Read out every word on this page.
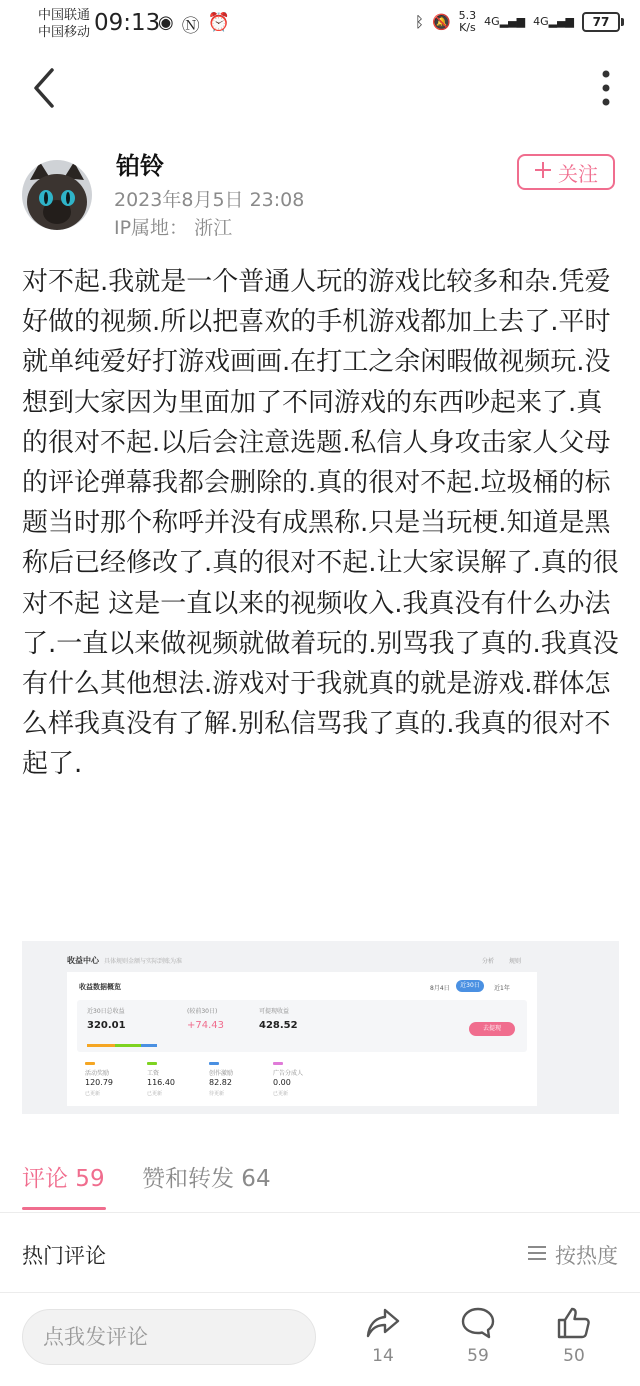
中国联通
中国移动 09:13
◉ Ⓝ ⏰	ᛒ 🔕 5.3
K/s 4G▂▄▆ 4G▂▄▆	77
铂铃
2023年8月5日 23:08
IP属地： 浙江
关注

对不起.我就是一个普通人玩的游戏比较多和杂.凭爱好做的视频.所以把喜欢的手机游戏都加上去了.平时就单纯爱好打游戏画画.在打工之余闲暇做视频玩.没想到大家因为里面加了不同游戏的东西吵起来了.真的很对不起.以后会注意选题.私信人身攻击家人父母的评论弹幕我都会删除的.真的很对不起.垃圾桶的标题当时那个称呼并没有成黑称.只是当玩梗.知道是黑称后已经修改了.真的很对不起.让大家误解了.真的很对不起 这是一直以来的视频收入.我真没有什么办法了.一直以来做视频就做着玩的.别骂我了真的.我真没有什么其他想法.游戏对于我就真的就是游戏.群体怎么样我真没有了解.别私信骂我了真的.我真的很对不起了.

收益中心 具体规则金额与实际到账为准	分析 规则
收益数据概览	8月4日	近30日	近1年
近30日总收益
320.01
(较前30日)
+74.43
可提现收益
428.52	去提现
活动奖励
120.79
已更新
工资
116.40
已更新
创作激励
82.82
待更新
广告分成人
0.00
已更新
评论 59 赞和转发 64
热门评论	按热度
点我发评论
14	59	50
